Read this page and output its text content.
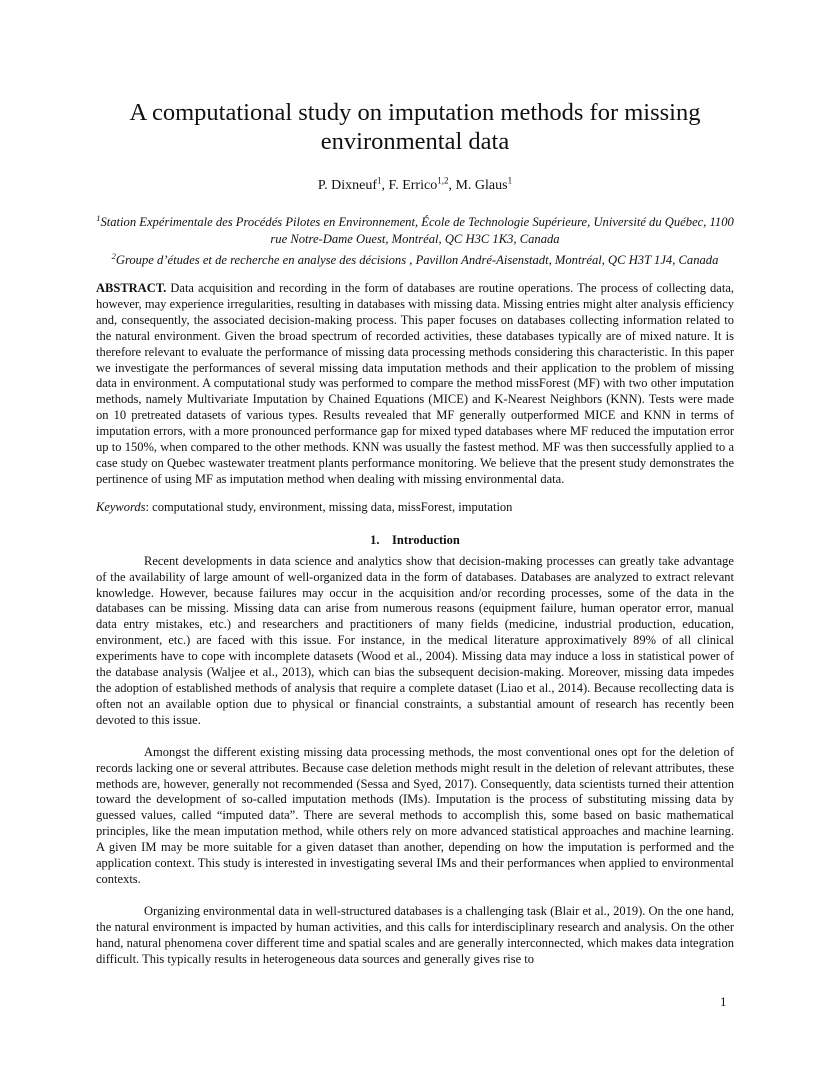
A computational study on imputation methods for missing environmental data
P. Dixneuf$^1$, F. Errico$^{1,2}$, M. Glaus$^1$

$^1$Station Expérimentale des Procédés Pilotes en Environnement, École de Technologie Supérieure, Université du Québec, 1100 rue Notre-Dame Ouest, Montréal, QC H3C 1K3, Canada

$^2$Groupe d’études et de recherche en analyse des décisions , Pavillon André-Aisenstadt, Montréal, QC H3T 1J4, Canada

ABSTRACT. Data acquisition and recording in the form of databases are routine operations. The process of collecting data, however, may experience irregularities, resulting in databases with missing data. Missing entries might alter analysis efficiency and, consequently, the associated decision-making process. This paper focuses on databases collecting information related to the natural environment. Given the broad spectrum of recorded activities, these databases typically are of mixed nature. It is therefore relevant to evaluate the performance of missing data processing methods considering this characteristic. In this paper we investigate the performances of several missing data imputation methods and their application to the problem of missing data in environment. A computational study was performed to compare the method missForest (MF) with two other imputation methods, namely Multivariate Imputation by Chained Equations (MICE) and K-Nearest Neighbors (KNN). Tests were made on 10 pretreated datasets of various types. Results revealed that MF generally outperformed MICE and KNN in terms of imputation errors, with a more pronounced performance gap for mixed typed databases where MF reduced the imputation error up to 150%, when compared to the other methods. KNN was usually the fastest method. MF was then successfully applied to a case study on Quebec wastewater treatment plants performance monitoring. We believe that the present study demonstrates the pertinence of using MF as imputation method when dealing with missing environmental data.
Keywords: computational study, environment, missing data, missForest, imputation
1. Introduction

Recent developments in data science and analytics show that decision-making processes can greatly take advantage of the availability of large amount of well-organized data in the form of databases. Databases are analyzed to extract relevant knowledge. However, because failures may occur in the acquisition and/or recording processes, some of the data in the databases can be missing. Missing data can arise from numerous reasons (equipment failure, human operator error, manual data entry mistakes, etc.) and researchers and practitioners of many fields (medicine, industrial production, education, environment, etc.) are faced with this issue. For instance, in the medical literature approximatively 89% of all clinical experiments have to cope with incomplete datasets (Wood et al., 2004). Missing data may induce a loss in statistical power of the database analysis (Waljee et al., 2013), which can bias the subsequent decision-making. Moreover, missing data impedes the adoption of established methods of analysis that require a complete dataset (Liao et al., 2014). Because recollecting data is often not an available option due to physical or financial constraints, a substantial amount of research has recently been devoted to this issue.

Amongst the different existing missing data processing methods, the most conventional ones opt for the deletion of records lacking one or several attributes. Because case deletion methods might result in the deletion of relevant attributes, these methods are, however, generally not recommended (Sessa and Syed, 2017). Consequently, data scientists turned their attention toward the development of so-called imputation methods (IMs). Imputation is the process of substituting missing data by guessed values, called “imputed data”. There are several methods to accomplish this, some based on basic mathematical principles, like the mean imputation method, while others rely on more advanced statistical approaches and machine learning. A given IM may be more suitable for a given dataset than another, depending on how the imputation is performed and the application context. This study is interested in investigating several IMs and their performances when applied to environmental contexts.

Organizing environmental data in well-structured databases is a challenging task (Blair et al., 2019). On the one hand, the natural environment is impacted by human activities, and this calls for interdisciplinary research and analysis. On the other hand, natural phenomena cover different time and spatial scales and are generally interconnected, which makes data integration difficult. This typically results in heterogeneous data sources and generally gives rise to

1
